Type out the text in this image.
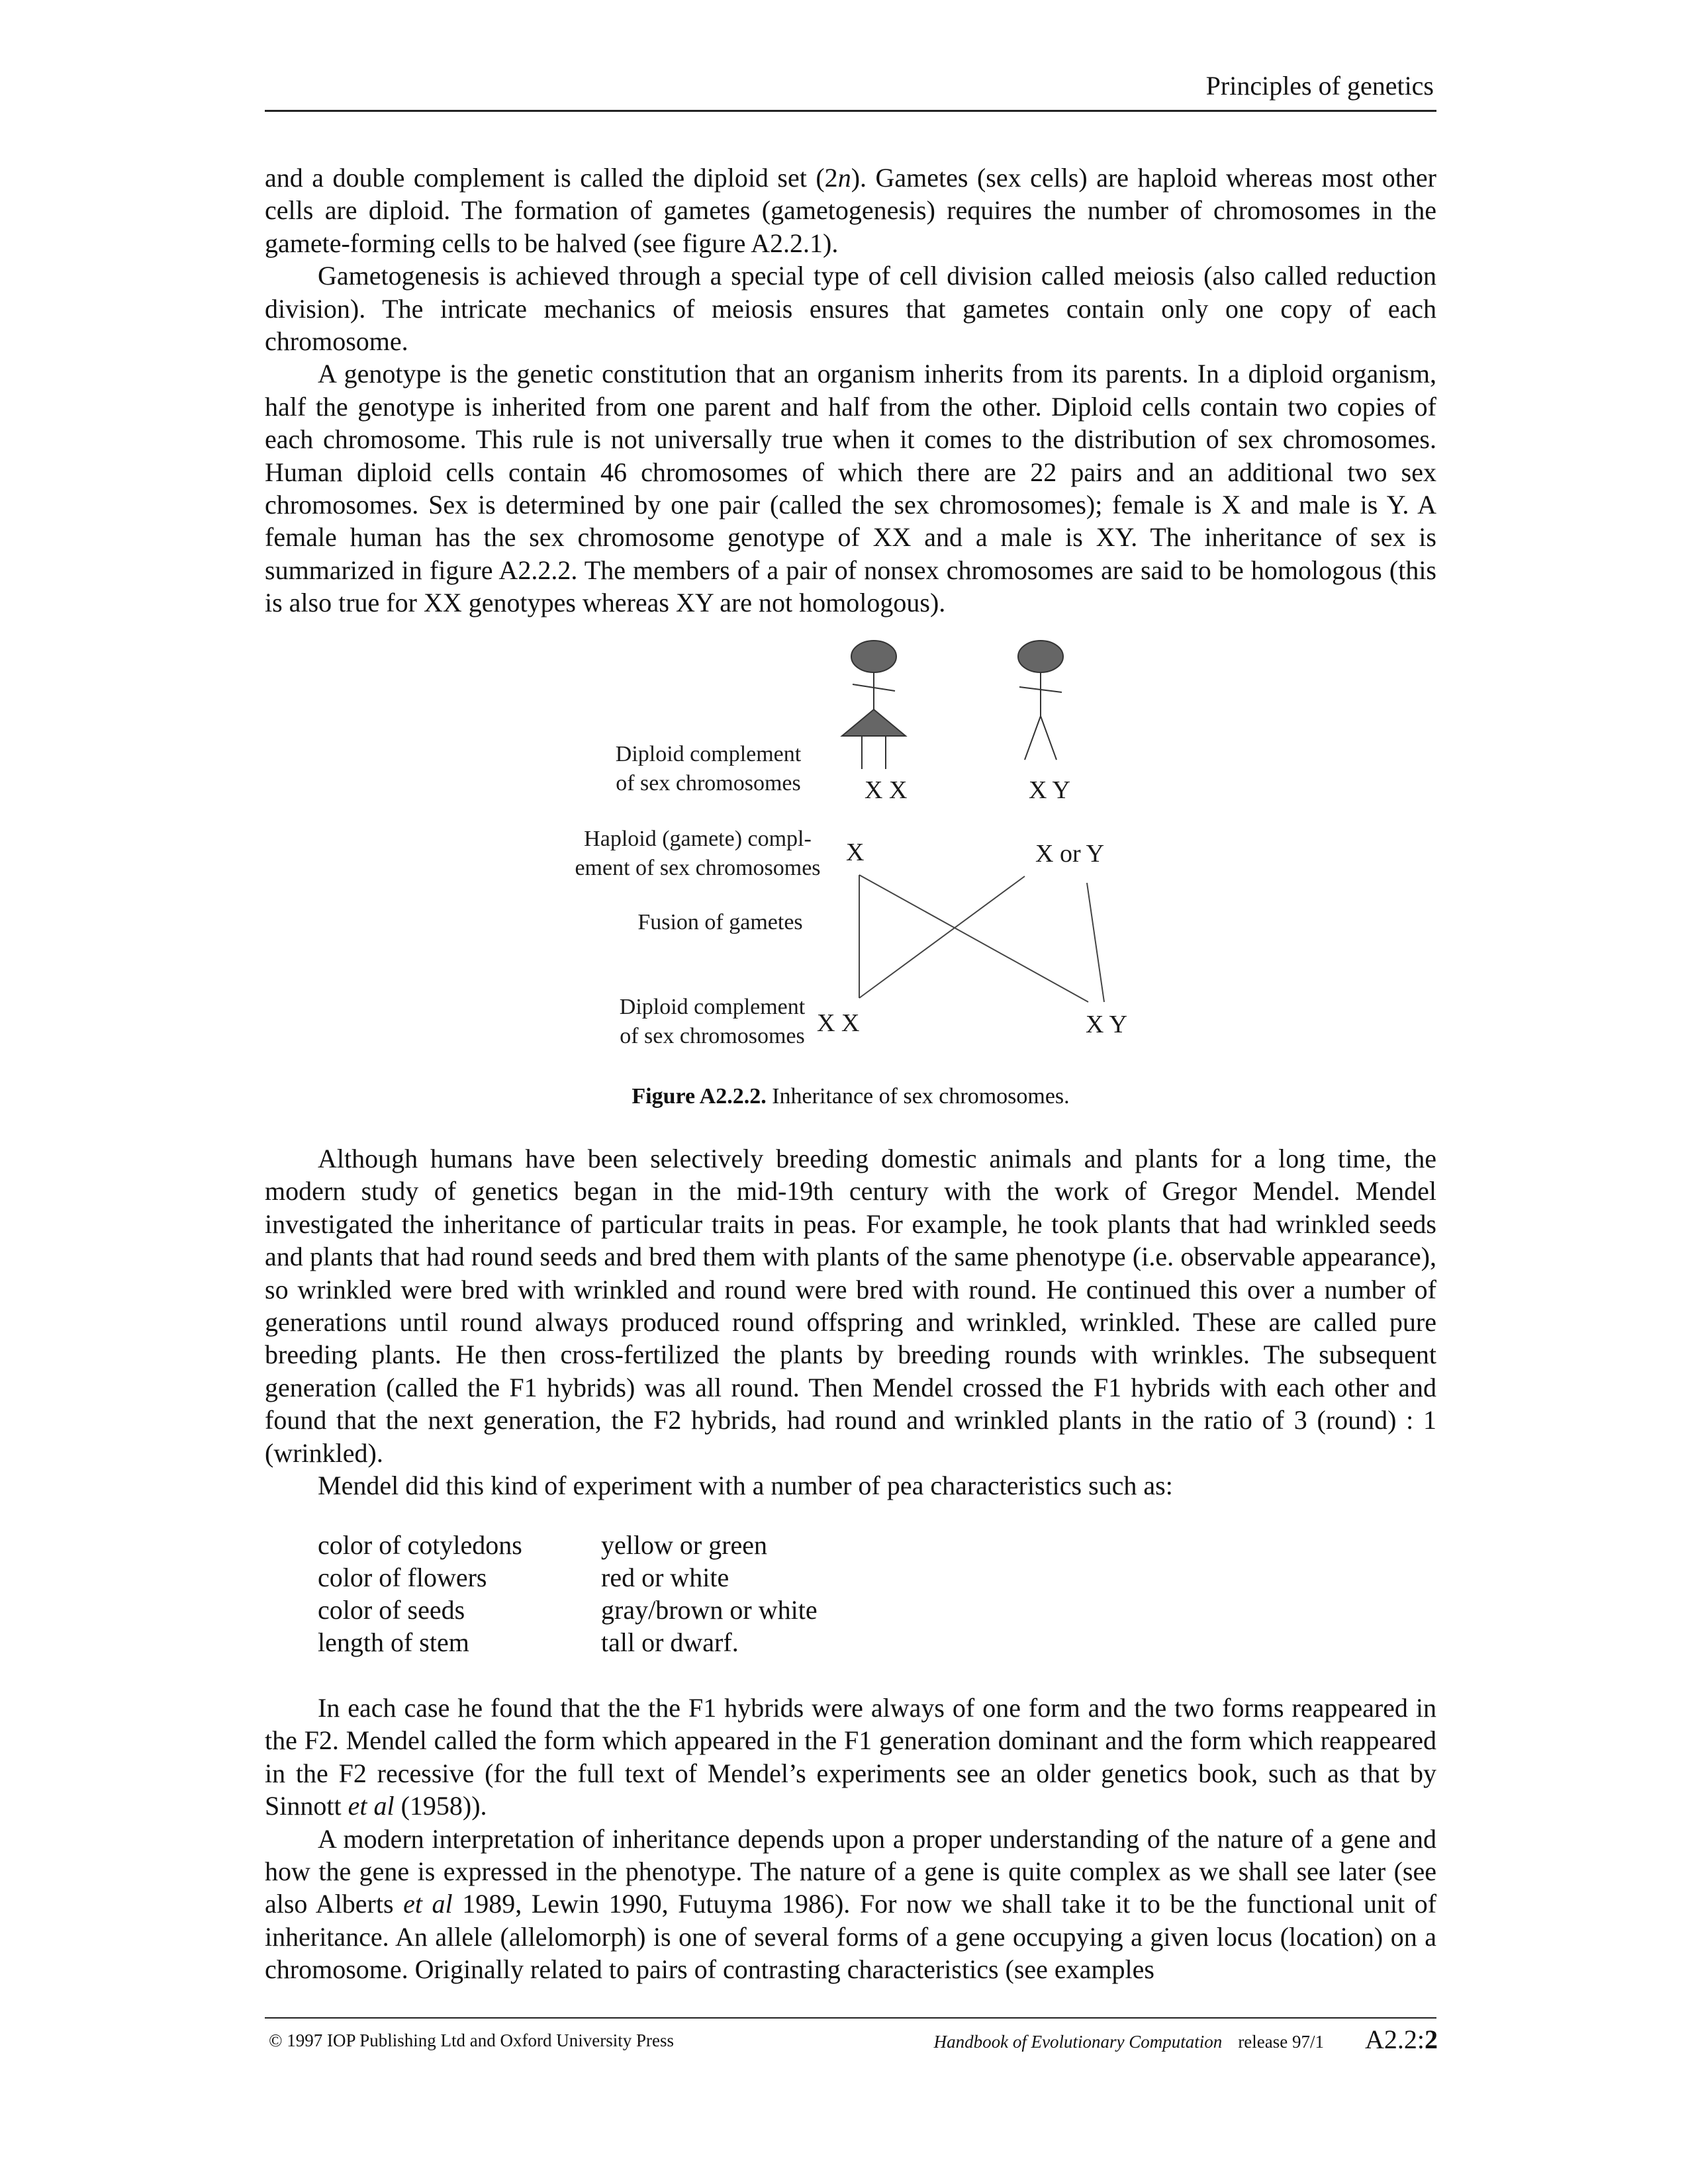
Principles of genetics

and a double complement is called the diploid set (2n). Gametes (sex cells) are haploid whereas most other cells are diploid. The formation of gametes (gametogenesis) requires the number of chromosomes in the gamete-forming cells to be halved (see figure A2.2.1).

Gametogenesis is achieved through a special type of cell division called meiosis (also called reduction division). The intricate mechanics of meiosis ensures that gametes contain only one copy of each chromosome.

A genotype is the genetic constitution that an organism inherits from its parents. In a diploid organism, half the genotype is inherited from one parent and half from the other. Diploid cells contain two copies of each chromosome. This rule is not universally true when it comes to the distribution of sex chromosomes. Human diploid cells contain 46 chromosomes of which there are 22 pairs and an additional two sex chromosomes. Sex is determined by one pair (called the sex chromosomes); female is X and male is Y. A female human has the sex chromosome genotype of XX and a male is XY. The inheritance of sex is summarized in figure A2.2.2. The members of a pair of nonsex chromosomes are said to be homologous (this is also true for XX genotypes whereas XY are not homologous).

Diploid complement
of sex chromosomes
Haploid (gamete) compl-
ement of sex chromosomes
Fusion of gametes
Diploid complement
of sex chromosomes
X X	X Y
X	X or Y
X X	X Y
Figure A2.2.2. Inheritance of sex chromosomes.

Although humans have been selectively breeding domestic animals and plants for a long time, the modern study of genetics began in the mid-19th century with the work of Gregor Mendel. Mendel investigated the inheritance of particular traits in peas. For example, he took plants that had wrinkled seeds and plants that had round seeds and bred them with plants of the same phenotype (i.e. observable appearance), so wrinkled were bred with wrinkled and round were bred with round. He continued this over a number of generations until round always produced round offspring and wrinkled, wrinkled. These are called pure breeding plants. He then cross-fertilized the plants by breeding rounds with wrinkles. The subsequent generation (called the F1 hybrids) was all round. Then Mendel crossed the F1 hybrids with each other and found that the next generation, the F2 hybrids, had round and wrinkled plants in the ratio of 3 (round) : 1 (wrinkled).

Mendel did this kind of experiment with a number of pea characteristics such as:

color of cotyledons	yellow or green
color of flowers	red or white
color of seeds	gray/brown or white
length of stem	tall or dwarf.

In each case he found that the the F1 hybrids were always of one form and the two forms reappeared in the F2. Mendel called the form which appeared in the F1 generation dominant and the form which reappeared in the F2 recessive (for the full text of Mendel’s experiments see an older genetics book, such as that by Sinnott et al (1958)).

A modern interpretation of inheritance depends upon a proper understanding of the nature of a gene and how the gene is expressed in the phenotype. The nature of a gene is quite complex as we shall see later (see also Alberts et al 1989, Lewin 1990, Futuyma 1986). For now we shall take it to be the functional unit of inheritance. An allele (allelomorph) is one of several forms of a gene occupying a given locus (location) on a chromosome. Originally related to pairs of contrasting characteristics (see examples

© 1997 IOP Publishing Ltd and Oxford University Press	Handbook of Evolutionary Computation release 97/1 A2.2:2
